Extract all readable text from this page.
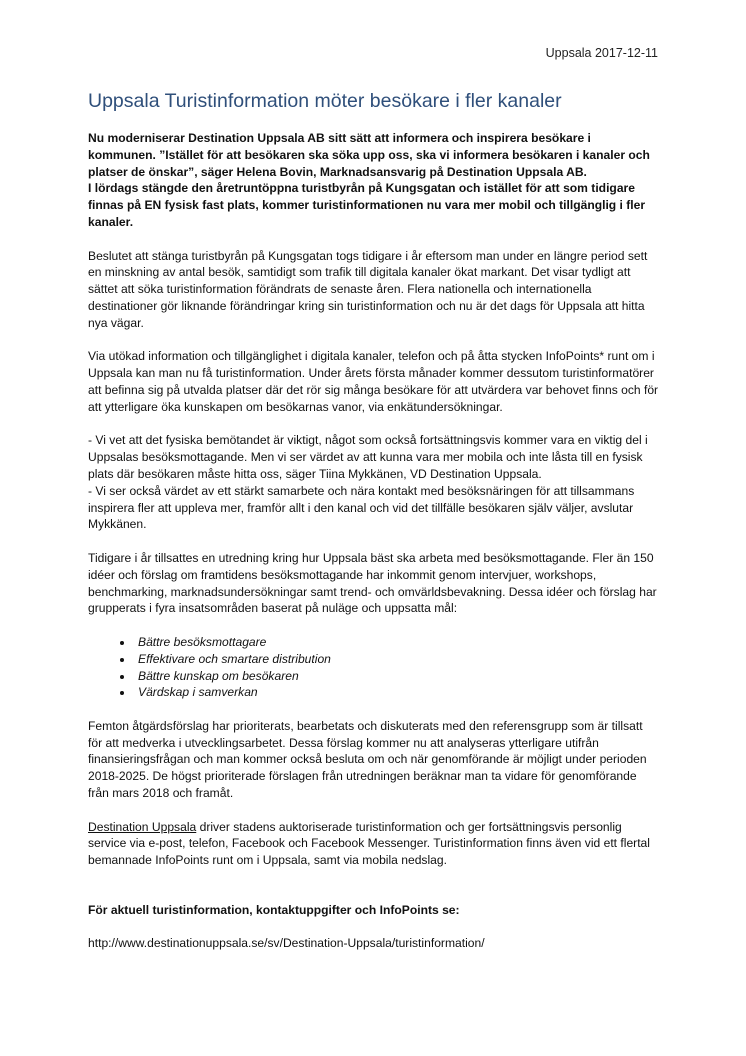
Uppsala 2017-12-11
Uppsala Turistinformation möter besökare i fler kanaler

Nu moderniserar Destination Uppsala AB sitt sätt att informera och inspirera besökare i kommunen. ”Istället för att besökaren ska söka upp oss, ska vi informera besökaren i kanaler och platser de önskar”, säger Helena Bovin, Marknadsansvarig på Destination Uppsala AB.

I lördags stängde den åretruntöppna turistbyrån på Kungsgatan och istället för att som tidigare finnas på EN fysisk fast plats, kommer turistinformationen nu vara mer mobil och tillgänglig i fler kanaler.

Beslutet att stänga turistbyrån på Kungsgatan togs tidigare i år eftersom man under en längre period sett en minskning av antal besök, samtidigt som trafik till digitala kanaler ökat markant. Det visar tydligt att sättet att söka turistinformation förändrats de senaste åren. Flera nationella och internationella destinationer gör liknande förändringar kring sin turistinformation och nu är det dags för Uppsala att hitta nya vägar.

Via utökad information och tillgänglighet i digitala kanaler, telefon och på åtta stycken InfoPoints* runt om i Uppsala kan man nu få turistinformation. Under årets första månader kommer dessutom turistinformatörer att befinna sig på utvalda platser där det rör sig många besökare för att utvärdera var behovet finns och för att ytterligare öka kunskapen om besökarnas vanor, via enkätundersökningar.

- Vi vet att det fysiska bemötandet är viktigt, något som också fortsättningsvis kommer vara en viktig del i Uppsalas besöksmottagande. Men vi ser värdet av att kunna vara mer mobila och inte låsta till en fysisk plats där besökaren måste hitta oss, säger Tiina Mykkänen, VD Destination Uppsala.

- Vi ser också värdet av ett stärkt samarbete och nära kontakt med besöksnäringen för att tillsammans inspirera fler att uppleva mer, framför allt i den kanal och vid det tillfälle besökaren själv väljer, avslutar Mykkänen.

Tidigare i år tillsattes en utredning kring hur Uppsala bäst ska arbeta med besöksmottagande. Fler än 150 idéer och förslag om framtidens besöksmottagande har inkommit genom intervjuer, workshops, benchmarking, marknadsundersökningar samt trend- och omvärldsbevakning. Dessa idéer och förslag har grupperats i fyra insatsområden baserat på nuläge och uppsatta mål:

• Bättre besöksmottagare
• Effektivare och smartare distribution
• Bättre kunskap om besökaren
• Värdskap i samverkan

Femton åtgärdsförslag har prioriterats, bearbetats och diskuterats med den referensgrupp som är tillsatt för att medverka i utvecklingsarbetet. Dessa förslag kommer nu att analyseras ytterligare utifrån finansieringsfrågan och man kommer också besluta om och när genomförande är möjligt under perioden 2018-2025. De högst prioriterade förslagen från utredningen beräknar man ta vidare för genomförande från mars 2018 och framåt.

Destination Uppsala driver stadens auktoriserade turistinformation och ger fortsättningsvis personlig service via e-post, telefon, Facebook och Facebook Messenger. Turistinformation finns även vid ett flertal bemannade InfoPoints runt om i Uppsala, samt via mobila nedslag.

För aktuell turistinformation, kontaktuppgifter och InfoPoints se:

http://www.destinationuppsala.se/sv/Destination-Uppsala/turistinformation/
